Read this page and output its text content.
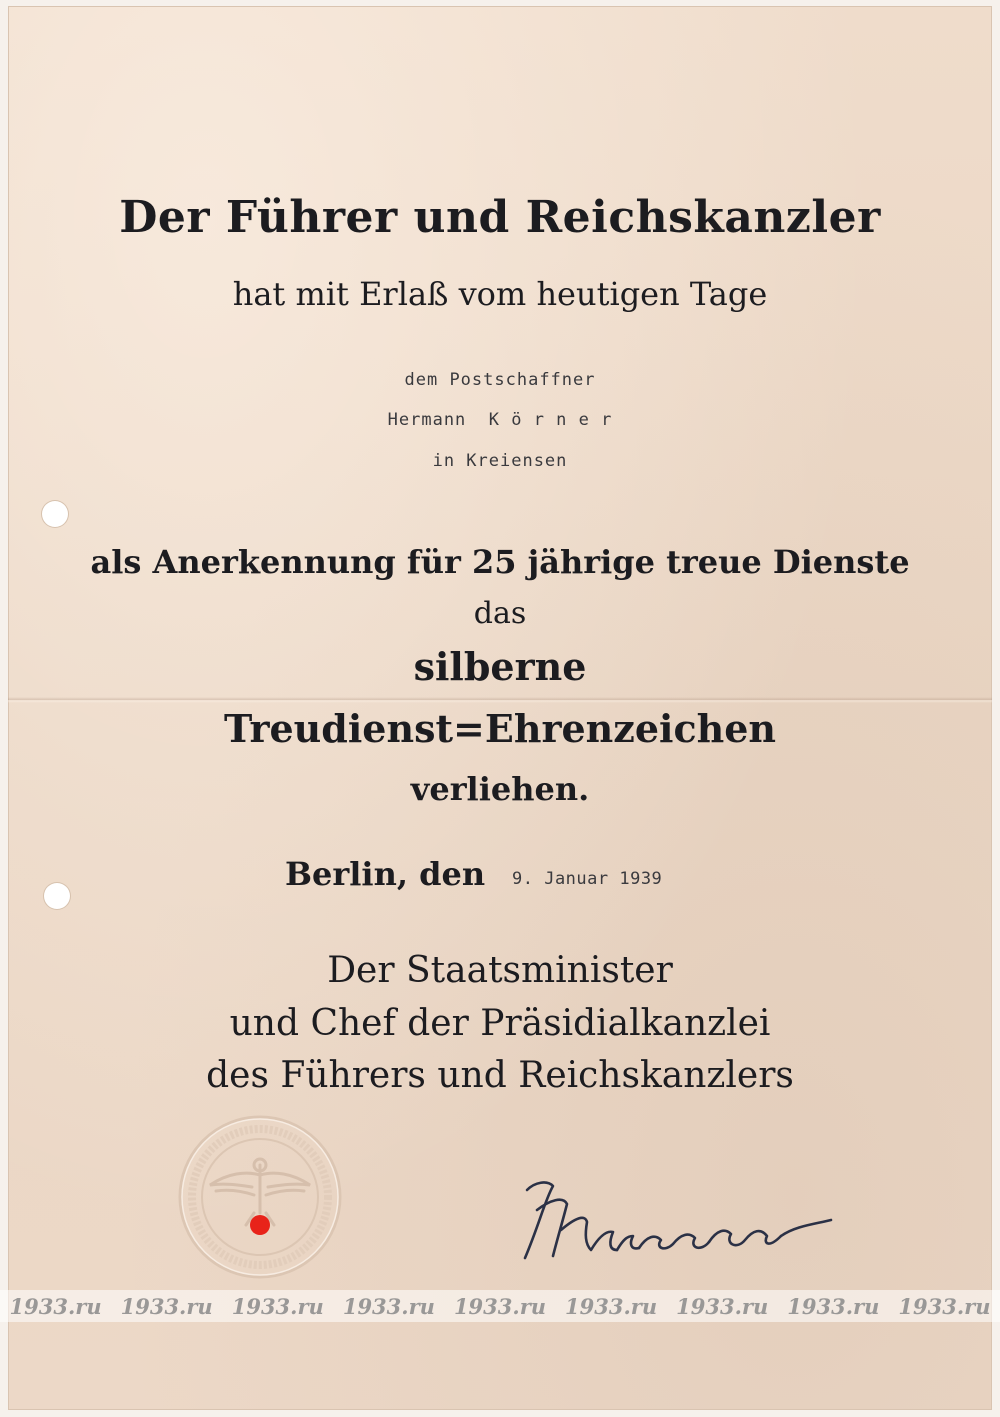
Der Führer und Reichskanzler
hat mit Erlaß vom heutigen Tage
dem Postschaffner
Hermann  K ö r n e r
in Kreiensen
als Anerkennung für 25 jährige treue Dienste
das
silberne
Treudienst=Ehrenzeichen
verliehen.
Berlin, den 9. Januar 1939
Der Staatsminister
und Chef der Präsidialkanzlei
des Führers und Reichskanzlers
1933.ru 1933.ru 1933.ru 1933.ru 1933.ru 1933.ru 1933.ru 1933.ru 1933.ru
